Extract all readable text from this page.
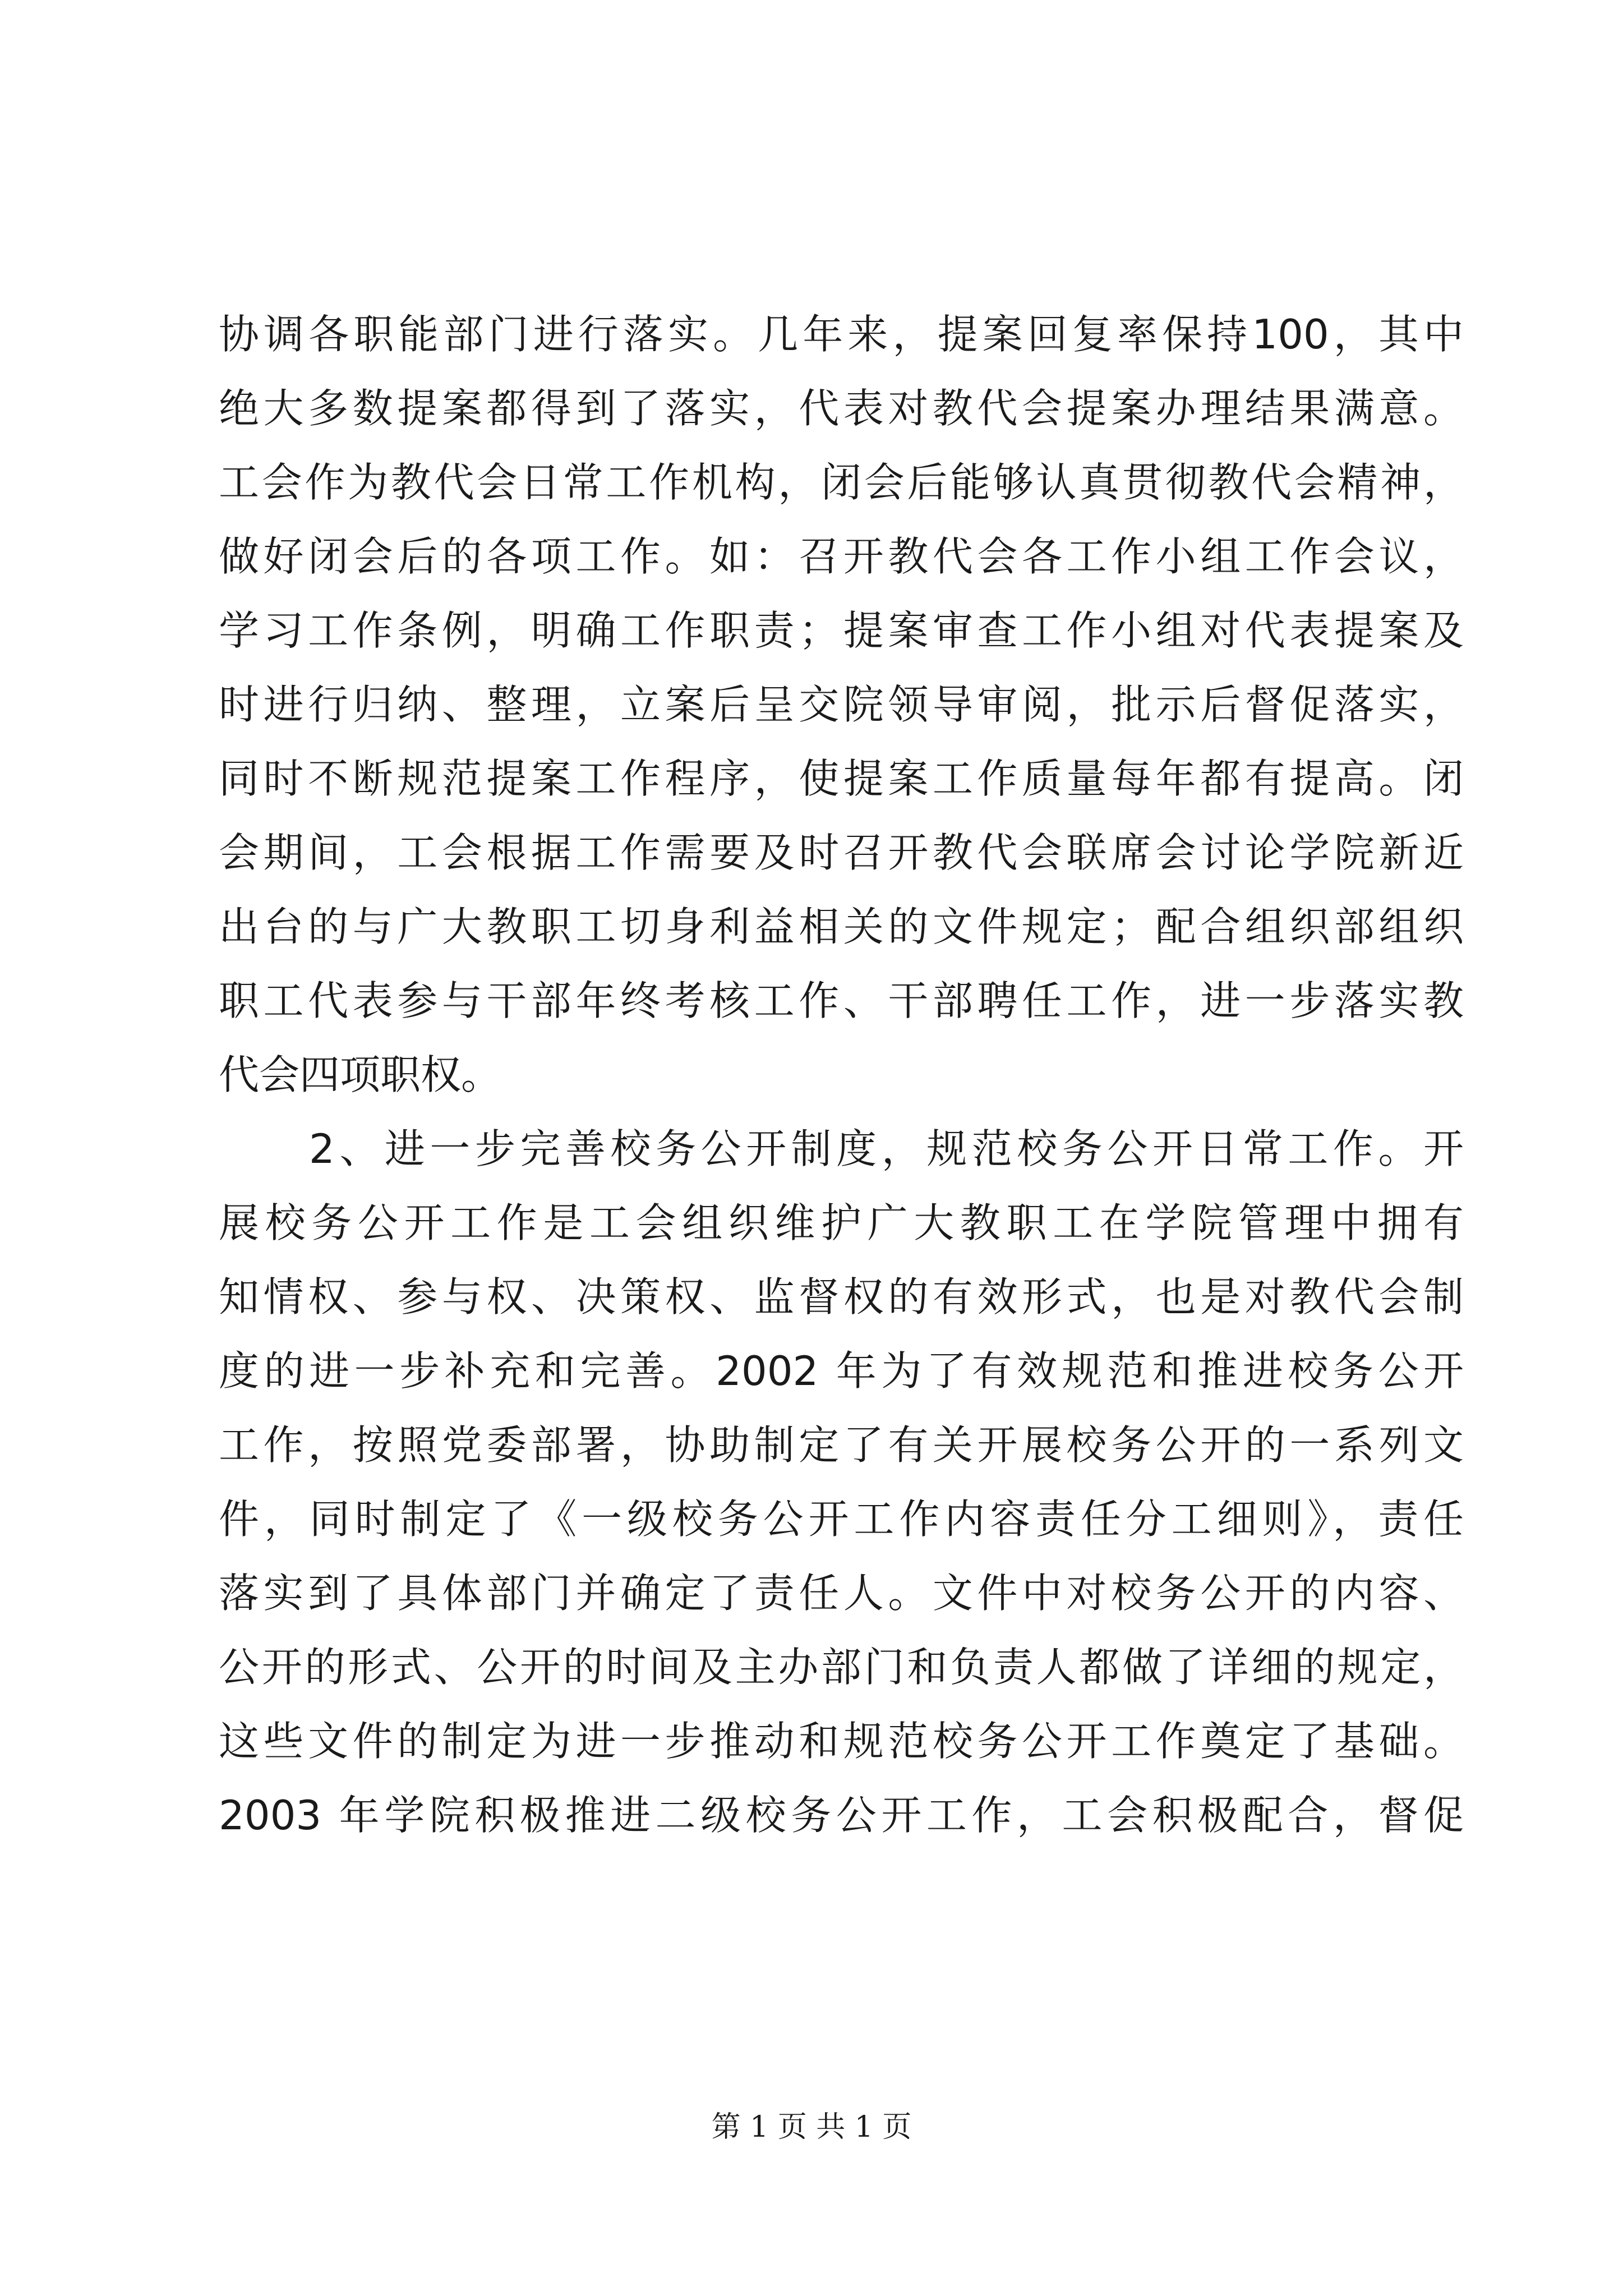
协调各职能部门进行落实。几年来，提案回复率保持100，其中
绝大多数提案都得到了落实，代表对教代会提案办理结果满意。
工会作为教代会日常工作机构，闭会后能够认真贯彻教代会精神，
做好闭会后的各项工作。如：召开教代会各工作小组工作会议，
学习工作条例，明确工作职责；提案审查工作小组对代表提案及
时进行归纳、整理，立案后呈交院领导审阅，批示后督促落实，
同时不断规范提案工作程序，使提案工作质量每年都有提高。闭
会期间，工会根据工作需要及时召开教代会联席会讨论学院新近
出台的与广大教职工切身利益相关的文件规定；配合组织部组织
职工代表参与干部年终考核工作、干部聘任工作，进一步落实教
代会四项职权。
　　2、进一步完善校务公开制度，规范校务公开日常工作。开
展校务公开工作是工会组织维护广大教职工在学院管理中拥有
知情权、参与权、决策权、监督权的有效形式，也是对教代会制
度的进一步补充和完善。2002 年为了有效规范和推进校务公开
工作，按照党委部署，协助制定了有关开展校务公开的一系列文
件，同时制定了《一级校务公开工作内容责任分工细则》，责任
落实到了具体部门并确定了责任人。文件中对校务公开的内容、
公开的形式、公开的时间及主办部门和负责人都做了详细的规定，
这些文件的制定为进一步推动和规范校务公开工作奠定了基础。
2003 年学院积极推进二级校务公开工作，工会积极配合，督促
第 1 页 共 1 页
